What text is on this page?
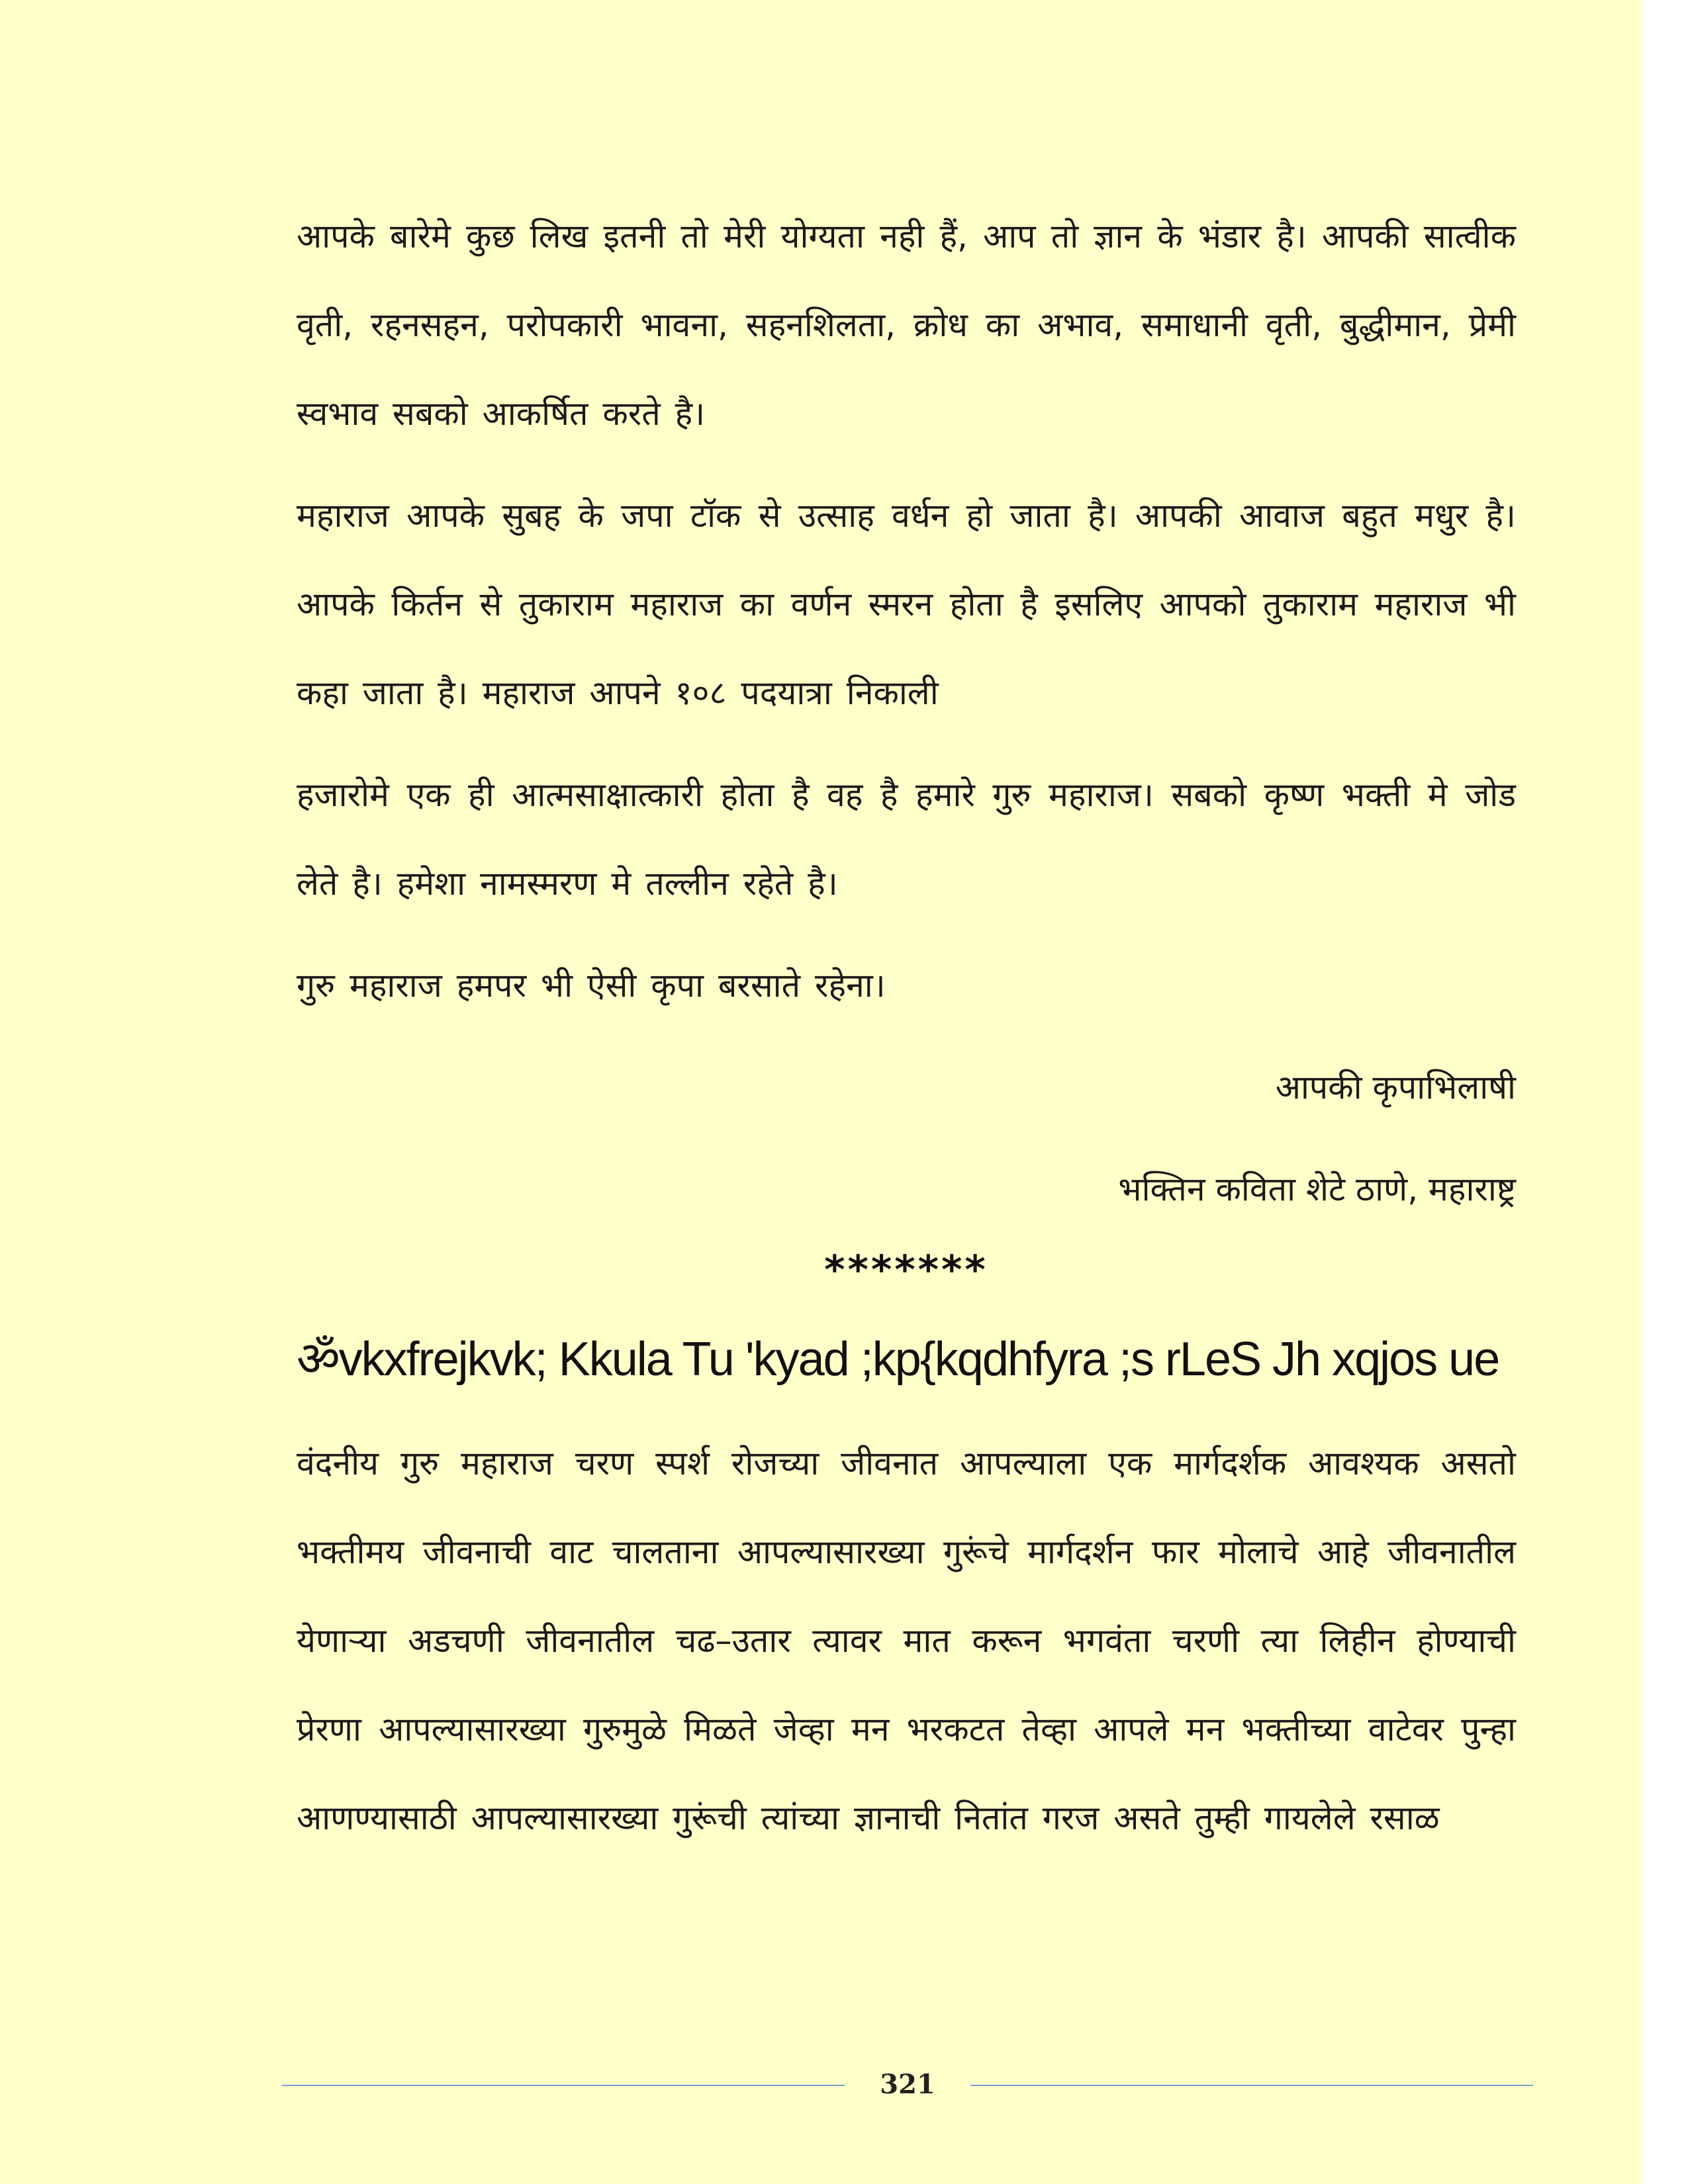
आपके बारेमे कुछ लिख इतनी तो मेरी योग्यता नही हैं, आप तो ज्ञान के भंडार है। आपकी सात्वीक वृती, रहनसहन, परोपकारी भावना, सहनशिलता, क्रोध का अभाव, समाधानी वृती, बुद्धीमान, प्रेमी स्वभाव सबको आकर्षित करते है।

महाराज आपके सुबह के जपा टॉक से उत्साह वर्धन हो जाता है। आपकी आवाज बहुत मधुर है। आपके किर्तन से तुकाराम महाराज का वर्णन स्मरन होता है इसलिए आपको तुकाराम महाराज भी कहा जाता है। महाराज आपने १०८ पदयात्रा निकाली

हजारोमे एक ही आत्मसाक्षात्कारी होता है वह है हमारे गुरु महाराज। सबको कृष्ण भक्ती मे जोड लेते है। हमेशा नामस्मरण मे तल्लीन रहेते है।

गुरु महाराज हमपर भी ऐसी कृपा बरसाते रहेना।

आपकी कृपाभिलाषी

भक्तिन कविता शेटे ठाणे, महाराष्ट्र

*******
ॐvkxfrejkvk; Kkula Tu 'kyad ;kp{kqdhfyra ;s rLeS Jh xqjos ue

वंदनीय गुरु महाराज चरण स्पर्श रोजच्या जीवनात आपल्याला एक मार्गदर्शक आवश्यक असतो भक्तीमय जीवनाची वाट चालताना आपल्यासारख्या गुरूंचे मार्गदर्शन फार मोलाचे आहे जीवनातील येणाऱ्या अडचणी जीवनातील चढ–उतार त्यावर मात करून भगवंता चरणी त्या लिहीन होण्याची प्रेरणा आपल्यासारख्या गुरुमुळे मिळते जेव्हा मन भरकटत तेव्हा आपले मन भक्तीच्या वाटेवर पुन्हा आणण्यासाठी आपल्यासारख्या गुरूंची त्यांच्या ज्ञानाची नितांत गरज असते तुम्ही गायलेले रसाळ

321
